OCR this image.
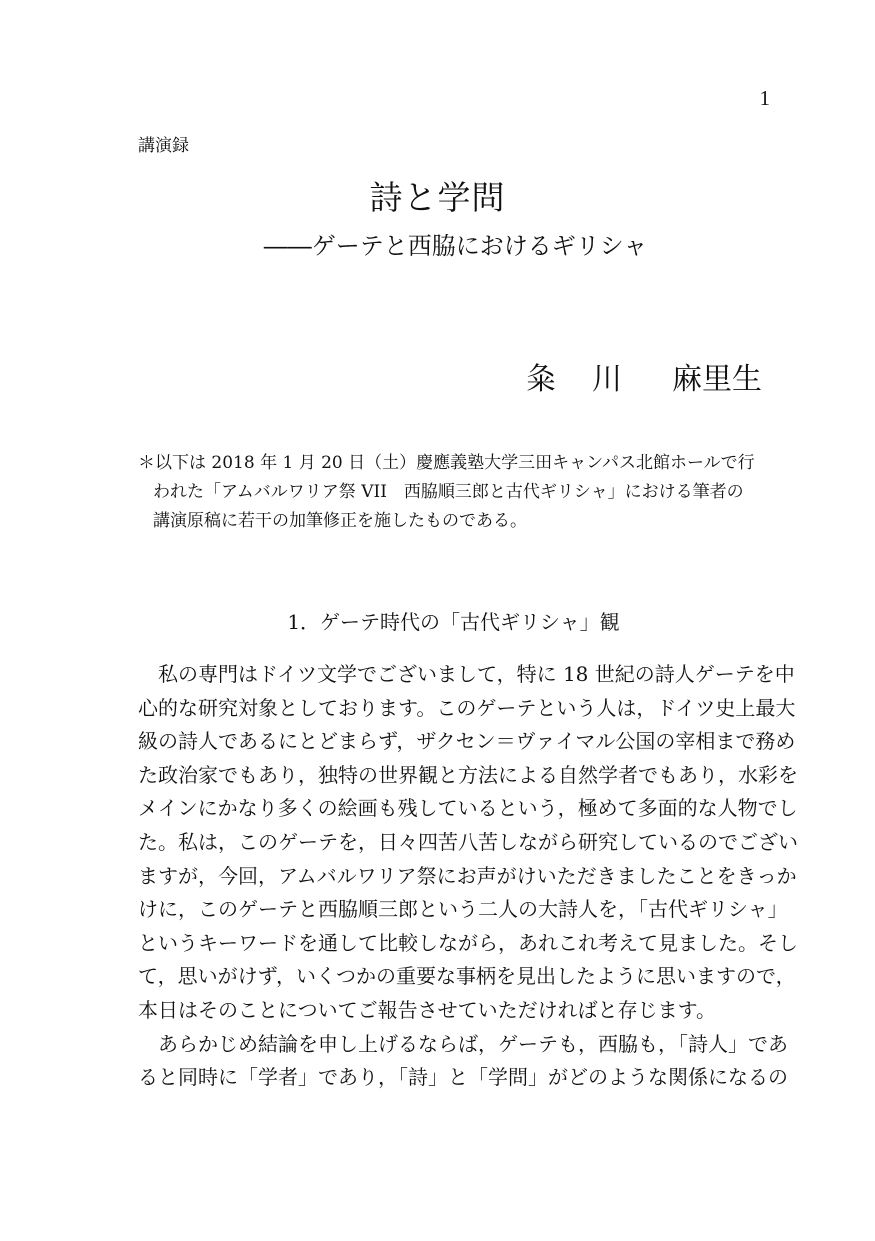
1
講演録
詩と学問
――ゲーテと西脇におけるギリシャ
粂 川 麻里生
＊以下は 2018 年 1 月 20 日（土）慶應義塾大学三田キャンパス北館ホールで行
われた「アムバルワリア祭 VII　西脇順三郎と古代ギリシャ」における筆者の
講演原稿に若干の加筆修正を施したものである。
1．ゲーテ時代の「古代ギリシャ」観
　私の専門はドイツ文学でございまして，特に 18 世紀の詩人ゲーテを中
心的な研究対象としております。このゲーテという人は，ドイツ史上最大
級の詩人であるにとどまらず，ザクセン＝ヴァイマル公国の宰相まで務め
た政治家でもあり，独特の世界観と方法による自然学者でもあり，水彩を
メインにかなり多くの絵画も残しているという，極めて多面的な人物でし
た。私は，このゲーテを，日々四苦八苦しながら研究しているのでござい
ますが，今回，アムバルワリア祭にお声がけいただきましたことをきっか
けに，このゲーテと西脇順三郎という二人の大詩人を，「古代ギリシャ」
というキーワードを通して比較しながら，あれこれ考えて見ました。そし
て，思いがけず，いくつかの重要な事柄を見出したように思いますので，
本日はそのことについてご報告させていただければと存じます。
　あらかじめ結論を申し上げるならば，ゲーテも，西脇も，「詩人」であ
ると同時に「学者」であり，「詩」と「学問」がどのような関係になるの
